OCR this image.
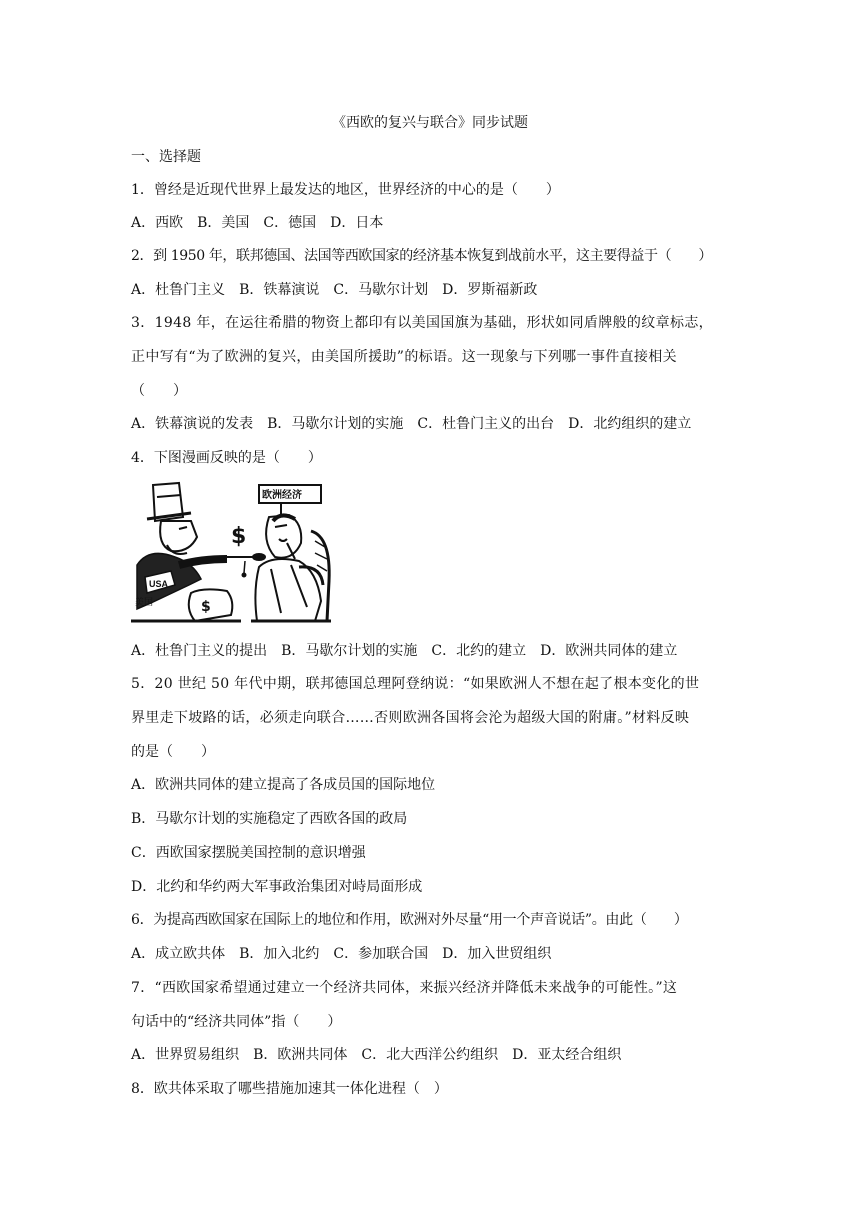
《西欧的复兴与联合》同步试题
一、选择题
1．曾经是近现代世界上最发达的地区，世界经济的中心的是（　　）
A．西欧　B．美国　C．德国　D．日本
2．到 1950 年，联邦德国、法国等西欧国家的经济基本恢复到战前水平，这主要得益于（　　）
A．杜鲁门主义　B．铁幕演说　C．马歇尔计划　D．罗斯福新政
3．1948 年，在运往希腊的物资上都印有以美国国旗为基础，形状如同盾牌般的纹章标志，
正中写有“为了欧洲的复兴，由美国所援助”的标语。这一现象与下列哪一事件直接相关
（　　）
A．铁幕演说的发表　B．马歇尔计划的实施　C．杜鲁门主义的出台　D．北约组织的建立
4．下图漫画反映的是（　　）
USA
$
$
美国
欧洲经济
A．杜鲁门主义的提出　B．马歇尔计划的实施　C．北约的建立　D．欧洲共同体的建立
5．20 世纪 50 年代中期，联邦德国总理阿登纳说：“如果欧洲人不想在起了根本变化的世
界里走下坡路的话，必须走向联合……否则欧洲各国将会沦为超级大国的附庸。”材料反映
的是（　　）
A．欧洲共同体的建立提高了各成员国的国际地位
B．马歇尔计划的实施稳定了西欧各国的政局
C．西欧国家摆脱美国控制的意识增强
D．北约和华约两大军事政治集团对峙局面形成
6．为提高西欧国家在国际上的地位和作用，欧洲对外尽量“用一个声音说话”。由此（　　）
A．成立欧共体　B．加入北约　C．参加联合国　D．加入世贸组织
7．“西欧国家希望通过建立一个经济共同体，来振兴经济并降低未来战争的可能性。”这
句话中的“经济共同体”指（　　）
A．世界贸易组织　B．欧洲共同体　C．北大西洋公约组织　D．亚太经合组织
8．欧共体采取了哪些措施加速其一体化进程（　）
